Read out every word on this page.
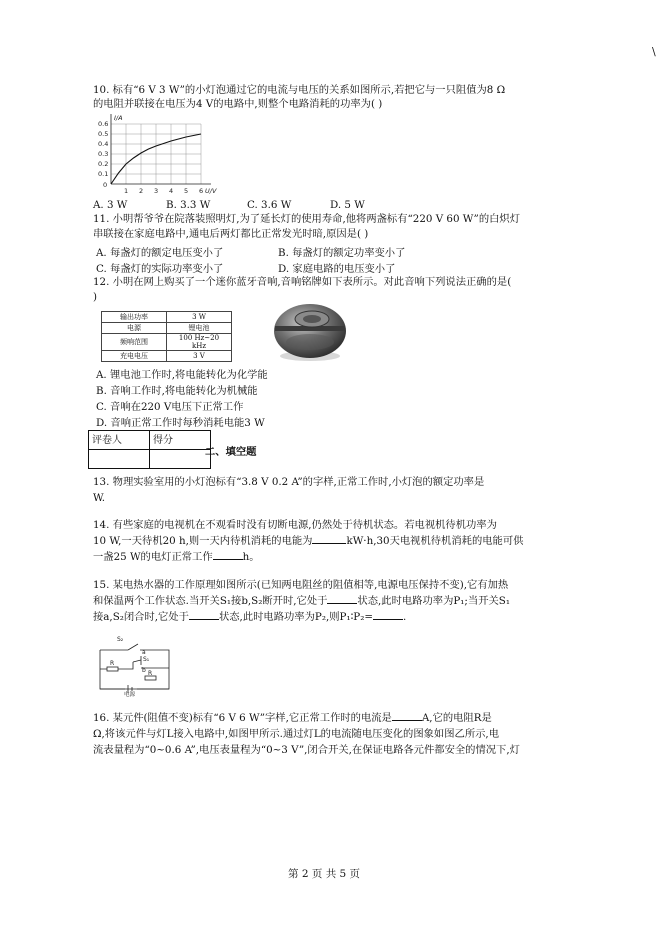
\
10. 标有“6 V 3 W”的小灯泡通过它的电流与电压的关系如图所示,若把它与一只阻值为8 Ω
的电阻并联接在电压为4 V的电路中,则整个电路消耗的功率为( )
1 2 3 4 5 6
0.1
0.2
0.3
0.4
0.5
0.6
0
U/V
I/A
A. 3 W	B. 3.3 W	C. 3.6 W	D. 5 W
11. 小明帮爷爷在院落装照明灯,为了延长灯的使用寿命,他将两盏标有“220 V 60 W”的白炽灯
串联接在家庭电路中,通电后两灯都比正常发光时暗,原因是( )
A. 每盏灯的额定电压变小了	B. 每盏灯的额定功率变小了
C. 每盏灯的实际功率变小了	D. 家庭电路的电压变小了
12. 小明在网上购买了一个迷你蓝牙音响,音响铭牌如下表所示。对此音响下列说法正确的是(
)
输出功率	3 W
电源	锂电池
频响范围	100 Hz~20 kHz
充电电压	3 V
A. 锂电池工作时,将电能转化为化学能
B. 音响工作时,将电能转化为机械能
C. 音响在220 V电压下正常工作
D. 音响正常工作时每秒消耗电能3 W
评卷人	得分

二、填空题
13. 物理实验室用的小灯泡标有“3.8 V 0.2 A”的字样,正常工作时,小灯泡的额定功率是
W.
14. 有些家庭的电视机在不观看时没有切断电源,仍然处于待机状态。若电视机待机功率为
10 W,一天待机20 h,则一天内待机消耗的电能为	kW·h,30天电视机待机消耗的电能可供
一盏25 W的电灯正常工作	h。
15. 某电热水器的工作原理如图所示(已知两电阻丝的阻值相等,电源电压保持不变),它有加热
和保温两个工作状态.当开关S₁接b,S₂断开时,它处于	状态,此时电路功率为P₁;当开关S₁
接a,S₂闭合时,它处于	状态,此时电路功率为P₂,则P₁∶P₂=	.
S₂
S₁
a
b
R
R
电源
16. 某元件(阻值不变)标有“6 V 6 W”字样,它正常工作时的电流是	A,它的电阻R是
Ω,将该元件与灯L接入电路中,如图甲所示.通过灯L的电流随电压变化的图象如图乙所示,电
流表量程为“0~0.6 A”,电压表量程为“0~3 V”,闭合开关,在保证电路各元件都安全的情况下,灯
第 2 页 共 5 页
